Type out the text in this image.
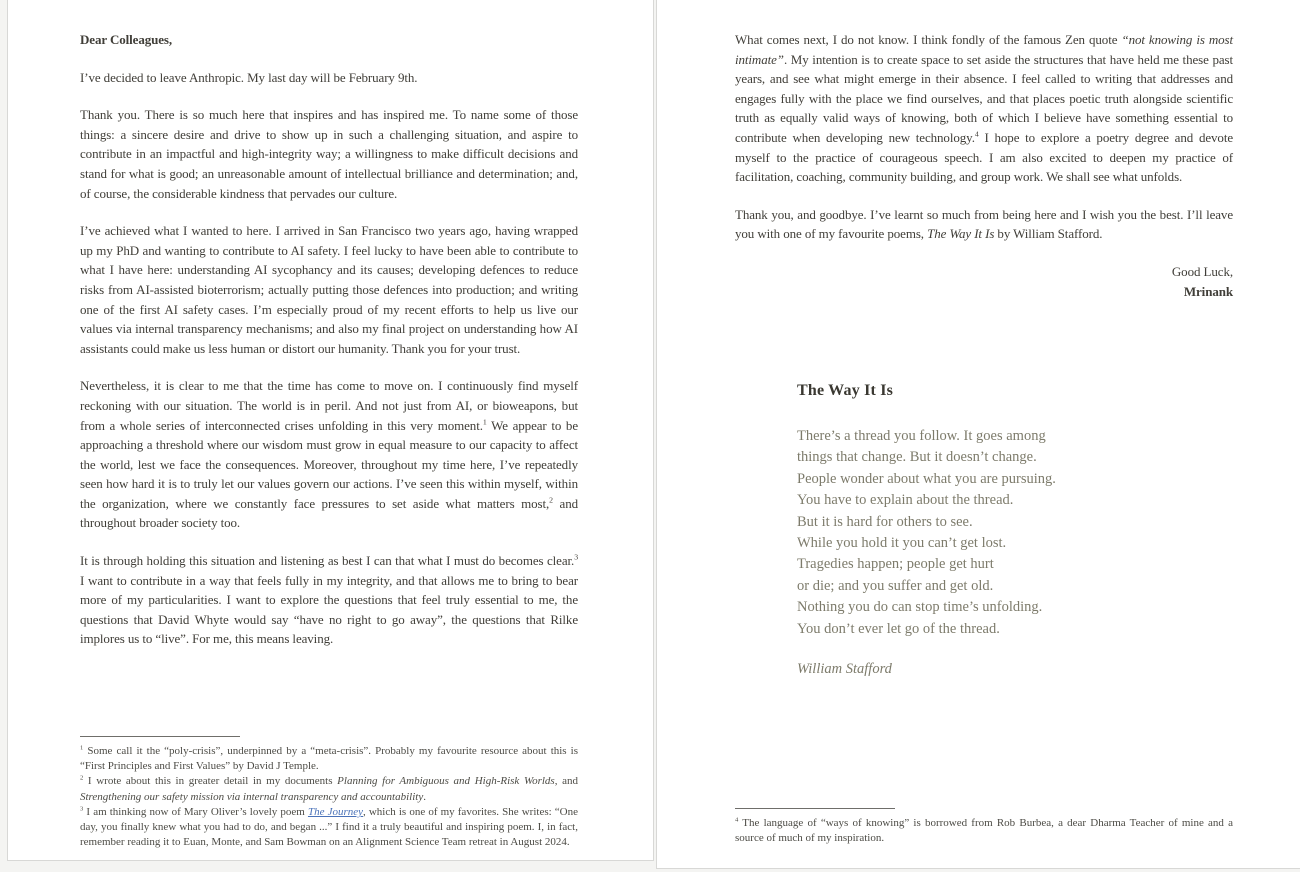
Dear Colleagues,
I’ve decided to leave Anthropic. My last day will be February 9th.
Thank you. There is so much here that inspires and has inspired me. To name some of those things: a sincere desire and drive to show up in such a challenging situation, and aspire to contribute in an impactful and high-integrity way; a willingness to make difficult decisions and stand for what is good; an unreasonable amount of intellectual brilliance and determination; and, of course, the considerable kindness that pervades our culture.
I’ve achieved what I wanted to here. I arrived in San Francisco two years ago, having wrapped up my PhD and wanting to contribute to AI safety. I feel lucky to have been able to contribute to what I have here: understanding AI sycophancy and its causes; developing defences to reduce risks from AI-assisted bioterrorism; actually putting those defences into production; and writing one of the first AI safety cases. I’m especially proud of my recent efforts to help us live our values via internal transparency mechanisms; and also my final project on understanding how AI assistants could make us less human or distort our humanity. Thank you for your trust.
Nevertheless, it is clear to me that the time has come to move on. I continuously find myself reckoning with our situation. The world is in peril. And not just from AI, or bioweapons, but from a whole series of interconnected crises unfolding in this very moment.$^1$ We appear to be approaching a threshold where our wisdom must grow in equal measure to our capacity to affect the world, lest we face the consequences. Moreover, throughout my time here, I’ve repeatedly seen how hard it is to truly let our values govern our actions. I’ve seen this within myself, within the organization, where we constantly face pressures to set aside what matters most,$^2$ and throughout broader society too.
It is through holding this situation and listening as best I can that what I must do becomes clear.$^3$ I want to contribute in a way that feels fully in my integrity, and that allows me to bring to bear more of my particularities. I want to explore the questions that feel truly essential to me, the questions that David Whyte would say “have no right to go away”, the questions that Rilke implores us to “live”. For me, this means leaving.
$^1$ Some call it the “poly-crisis”, underpinned by a “meta-crisis”. Probably my favourite resource about this is “First Principles and First Values” by David J Temple.
$^2$ I wrote about this in greater detail in my documents Planning for Ambiguous and High-Risk Worlds, and Strengthening our safety mission via internal transparency and accountability.
$^3$ I am thinking now of Mary Oliver’s lovely poem The Journey, which is one of my favorites. She writes: “One day, you finally knew what you had to do, and began ...” I find it a truly beautiful and inspiring poem. I, in fact, remember reading it to Euan, Monte, and Sam Bowman on an Alignment Science Team retreat in August 2024.
What comes next, I do not know. I think fondly of the famous Zen quote “not knowing is most intimate”. My intention is to create space to set aside the structures that have held me these past years, and see what might emerge in their absence. I feel called to writing that addresses and engages fully with the place we find ourselves, and that places poetic truth alongside scientific truth as equally valid ways of knowing, both of which I believe have something essential to contribute when developing new technology.$^4$ I hope to explore a poetry degree and devote myself to the practice of courageous speech. I am also excited to deepen my practice of facilitation, coaching, community building, and group work. We shall see what unfolds.
Thank you, and goodbye. I’ve learnt so much from being here and I wish you the best. I’ll leave you with one of my favourite poems, The Way It Is by William Stafford.
Good Luck,
Mrinank
The Way It Is
There’s a thread you follow. It goes among
things that change. But it doesn’t change.
People wonder about what you are pursuing.
You have to explain about the thread.
But it is hard for others to see.
While you hold it you can’t get lost.
Tragedies happen; people get hurt
or die; and you suffer and get old.
Nothing you do can stop time’s unfolding.
You don’t ever let go of the thread.
William Stafford
$^4$ The language of “ways of knowing” is borrowed from Rob Burbea, a dear Dharma Teacher of mine and a source of much of my inspiration.
